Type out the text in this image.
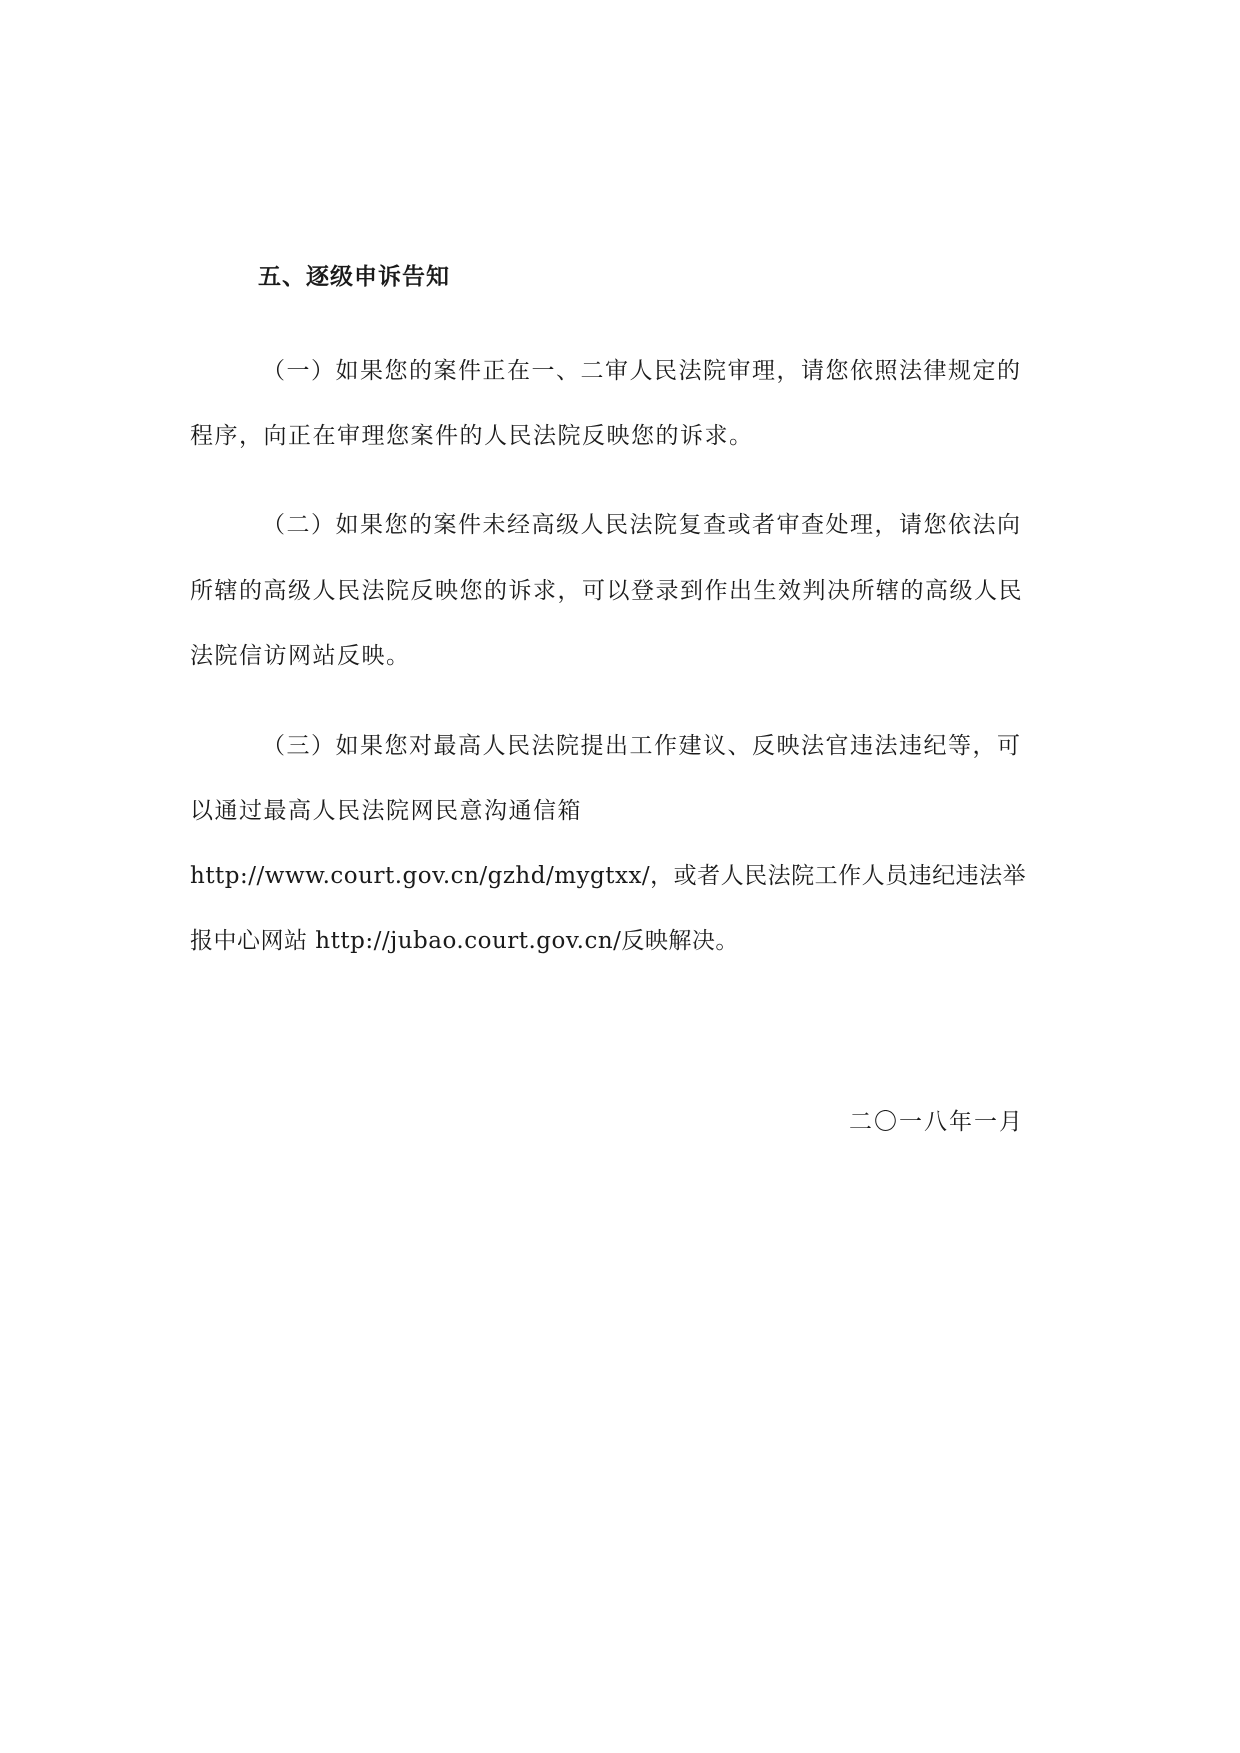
五、逐级申诉告知
（一）如果您的案件正在一、二审人民法院审理，请您依照法律规定的
程序，向正在审理您案件的人民法院反映您的诉求。
（二）如果您的案件未经高级人民法院复查或者审查处理，请您依法向
所辖的高级人民法院反映您的诉求，可以登录到作出生效判决所辖的高级人民
法院信访网站反映。
（三）如果您对最高人民法院提出工作建议、反映法官违法违纪等，可
以通过最高人民法院网民意沟通信箱
http://www.court.gov.cn/gzhd/mygtxx/，或者人民法院工作人员违纪违法举
报中心网站 http://jubao.court.gov.cn/反映解决。
二〇一八年一月
